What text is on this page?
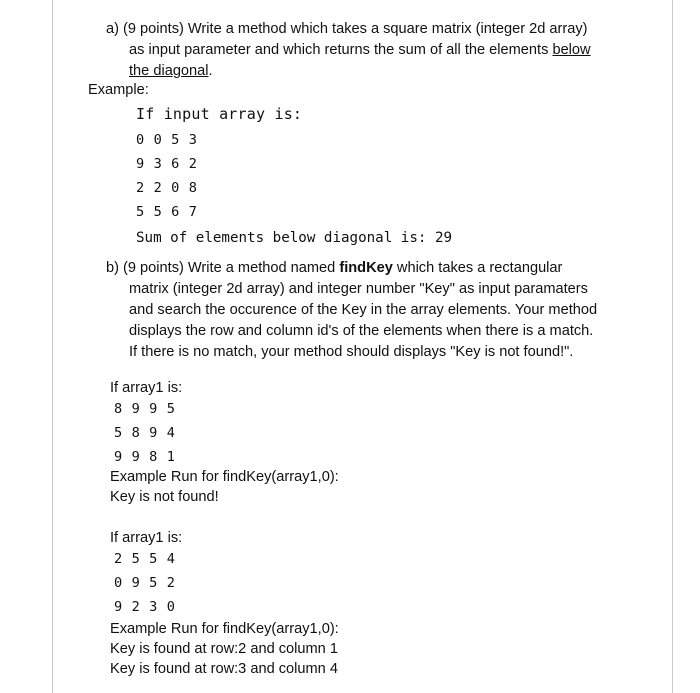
a) (9 points) Write a method which takes a square matrix (integer 2d array)
as input parameter and which returns the sum of all the elements below
the diagonal.
Example:
If input array is:
0 0 5 3
9 3 6 2
2 2 0 8
5 5 6 7
Sum of elements below diagonal is: 29
b) (9 points) Write a method named findKey which takes a rectangular
matrix (integer 2d array) and integer number "Key" as input paramaters
and search the occurence of the Key in the array elements. Your method
displays the row and column id's of the elements when there is a match.
If there is no match, your method should displays "Key is not found!".
If array1 is:
8 9 9 5
5 8 9 4
9 9 8 1
Example Run for findKey(array1,0):
Key is not found!
If array1 is:
2 5 5 4
0 9 5 2
9 2 3 0
Example Run for findKey(array1,0):
Key is found at row:2 and column 1
Key is found at row:3 and column 4
